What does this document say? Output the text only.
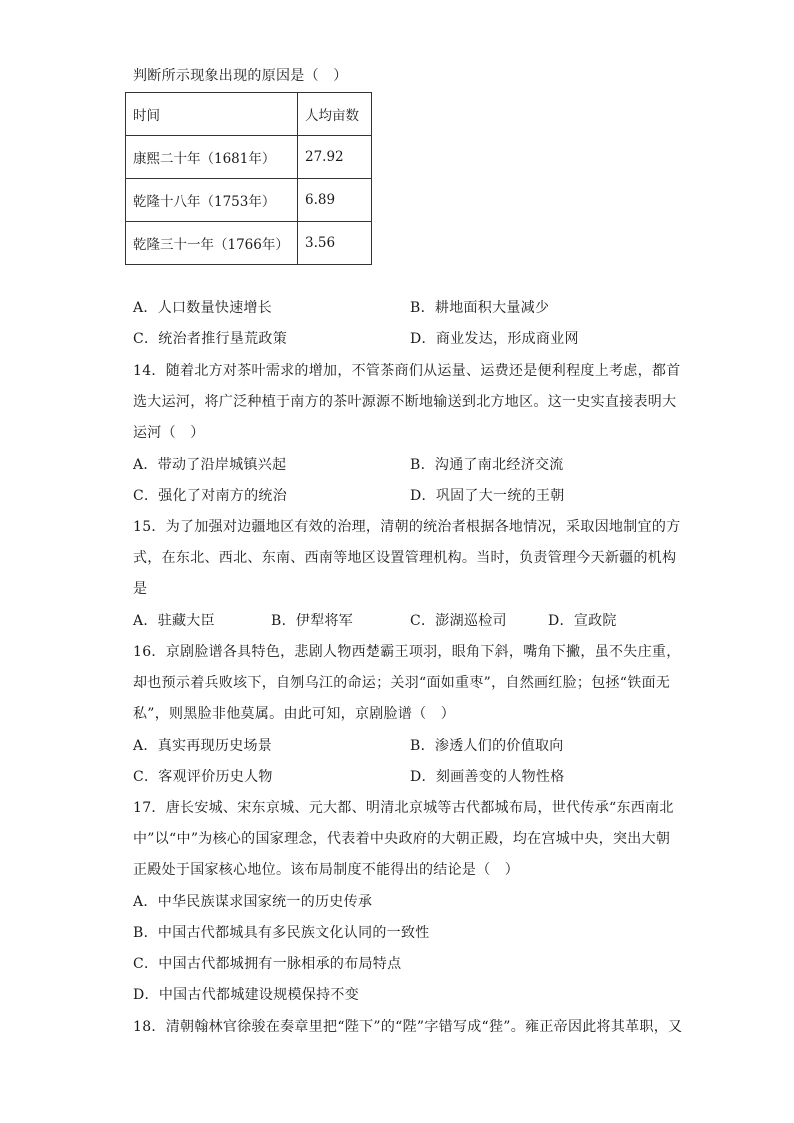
判断所示现象出现的原因是（　）
时间	人均亩数
康熙二十年（1681年）	27.92
乾隆十八年（1753年）	6.89
乾隆三十一年（1766年）	3.56
A．人口数量快速增长	B．耕地面积大量减少
C．统治者推行垦荒政策	D．商业发达，形成商业网
14．随着北方对茶叶需求的增加，不管茶商们从运量、运费还是便利程度上考虑，都首
选大运河，将广泛种植于南方的茶叶源源不断地输送到北方地区。这一史实直接表明大
运河（　）
A．带动了沿岸城镇兴起	B．沟通了南北经济交流
C．强化了对南方的统治	D．巩固了大一统的王朝
15．为了加强对边疆地区有效的治理，清朝的统治者根据各地情况，采取因地制宜的方
式，在东北、西北、东南、西南等地区设置管理机构。当时，负责管理今天新疆的机构
是
A．驻藏大臣	B．伊犁将军	C．澎湖巡检司	D．宣政院
16．京剧脸谱各具特色，悲剧人物西楚霸王项羽，眼角下斜，嘴角下撇，虽不失庄重，
却也预示着兵败垓下，自刎乌江的命运；关羽“面如重枣”，自然画红脸；包拯“铁面无
私”，则黑脸非他莫属。由此可知，京剧脸谱（　）
A．真实再现历史场景	B．渗透人们的价值取向
C．客观评价历史人物	D．刻画善变的人物性格
17．唐长安城、宋东京城、元大都、明清北京城等古代都城布局，世代传承“东西南北
中”以“中”为核心的国家理念，代表着中央政府的大朝正殿，均在宫城中央，突出大朝
正殿处于国家核心地位。该布局制度不能得出的结论是（　）
A．中华民族谋求国家统一的历史传承
B．中国古代都城具有多民族文化认同的一致性
C．中国古代都城拥有一脉相承的布局特点
D．中国古代都城建设规模保持不变
18．清朝翰林官徐骏在奏章里把“陛下”的“陛”字错写成“狴”。雍正帝因此将其革职，又
